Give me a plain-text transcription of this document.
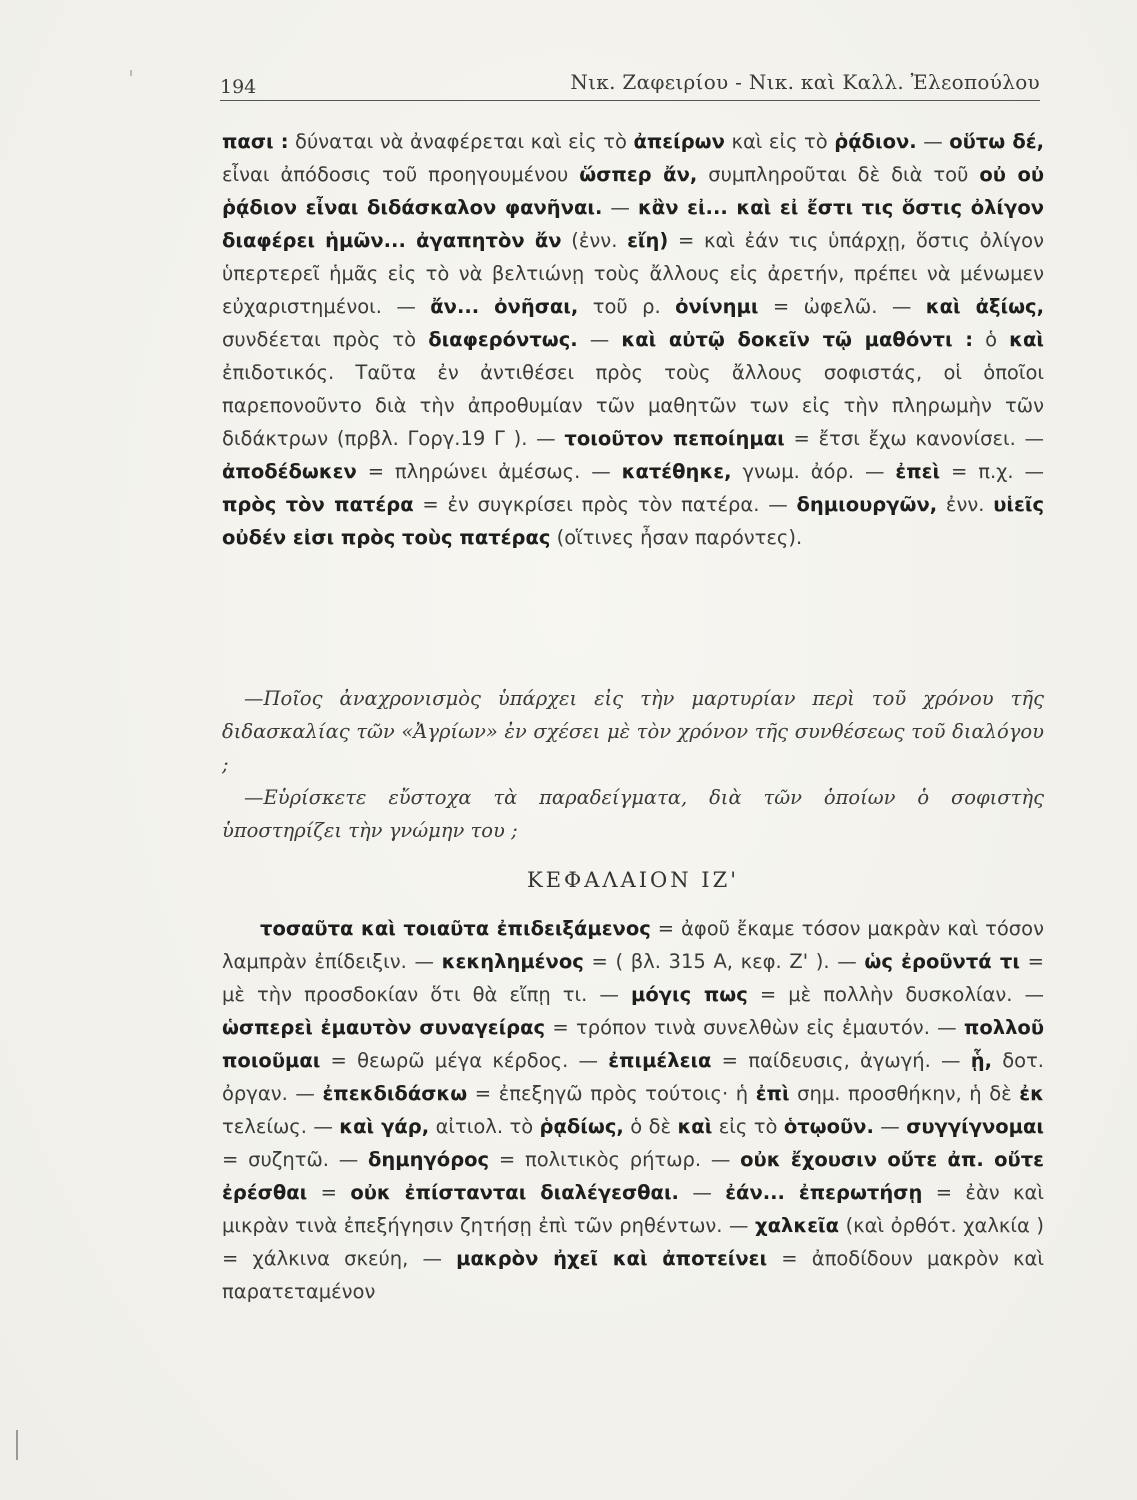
194	Νικ. Ζαφειρίου - Νικ. καὶ Καλλ. Ἐλεοπούλου

πασι : δύναται νὰ ἀναφέρεται καὶ εἰς τὸ ἀπείρων καὶ εἰς τὸ ῥᾴδιον. — οὕτω δέ, εἶναι ἀπόδοσις τοῦ προηγουμένου ὥσπερ ἄν, συμπληροῦται δὲ διὰ τοῦ οὐ οὐ ῥᾴδιον εἶναι διδάσκαλον φανῆναι. — κἂν εἰ... καὶ εἰ ἔστι τις ὅστις ὀλίγον διαφέρει ἡμῶν... ἀγαπητὸν ἄν (ἐνν. εἴη) = καὶ ἐάν τις ὑπάρχῃ, ὅστις ὀλίγον ὑπερτερεῖ ἡμᾶς εἰς τὸ νὰ βελτιώνῃ τοὺς ἄλλους εἰς ἀρετήν, πρέπει νὰ μένωμεν εὐχαριστημένοι. — ἄν... ὀνῆσαι, τοῦ ρ. ὀνίνημι = ὠφελῶ. — καὶ ἀξίως, συνδέεται πρὸς τὸ διαφερόντως. — καὶ αὐτῷ δοκεῖν τῷ μαθόντι : ὁ καὶ ἐπιδοτικός. Ταῦτα ἐν ἀντιθέσει πρὸς τοὺς ἄλλους σοφιστάς, οἱ ὁποῖοι παρεπονοῦντο διὰ τὴν ἀπροθυμίαν τῶν μαθητῶν των εἰς τὴν πληρωμὴν τῶν διδάκτρων (πρβλ. Γοργ.19 Γ ). — τοιοῦτον πεποίημαι = ἔτσι ἔχω κανονίσει. — ἀποδέδωκεν = πληρώνει ἀμέσως. — κατέθηκε, γνωμ. ἀόρ. — ἐπεὶ = π.χ. — πρὸς τὸν πατέρα = ἐν συγκρίσει πρὸς τὸν πατέρα. — δημιουργῶν, ἐνν. υἱεῖς οὐδέν εἰσι πρὸς τοὺς πατέρας (οἵτινες ἦσαν παρόντες).

—Ποῖος ἀναχρονισμὸς ὑπάρχει εἰς τὴν μαρτυρίαν περὶ τοῦ χρόνου τῆς διδασκαλίας τῶν «Ἀγρίων» ἐν σχέσει μὲ τὸν χρόνον τῆς συνθέσεως τοῦ διαλόγου ;

—Εὑρίσκετε εὔστοχα τὰ παραδείγματα, διὰ τῶν ὁποίων ὁ σοφιστὴς ὑποστηρίζει τὴν γνώμην του ;

ΚΕΦΑΛΑΙΟΝ ΙΖ'

τοσαῦτα καὶ τοιαῦτα ἐπιδειξάμενος = ἀφοῦ ἔκαμε τόσον μακρὰν καὶ τόσον λαμπρὰν ἐπίδειξιν. — κεκηλημένος = ( βλ. 315 Α, κεφ. Ζ' ). — ὡς ἐροῦντά τι = μὲ τὴν προσδοκίαν ὅτι θὰ εἴπῃ τι. — μόγις πως = μὲ πολλὴν δυσκολίαν. — ὡσπερεὶ ἐμαυτὸν συναγείρας = τρόπον τινὰ συνελθὼν εἰς ἐμαυτόν. — πολλοῦ ποιοῦμαι = θεωρῶ μέγα κέρδος. — ἐπιμέλεια = παίδευσις, ἀγωγή. — ᾗ, δοτ. ὀργαν. — ἐπεκδιδάσκω = ἐπεξηγῶ πρὸς τούτοις· ἡ ἐπὶ σημ. προσθήκην, ἡ δὲ ἐκ τελείως. — καὶ γάρ, αἰτιολ. τὸ ῥᾳδίως, ὁ δὲ καὶ εἰς τὸ ὁτῳοῦν. — συγγίγνομαι = συζητῶ. — δημηγόρος = πολιτικὸς ρήτωρ. — οὐκ ἔχουσιν οὔτε ἀπ. οὔτε ἐρέσθαι = οὐκ ἐπίστανται διαλέγεσθαι. — ἐάν... ἐπερωτήσῃ = ἐὰν καὶ μικρὰν τινὰ ἐπεξήγησιν ζητήσῃ ἐπὶ τῶν ρηθέντων. — χαλκεῖα (καὶ ὀρθότ. χαλκία ) = χάλκινα σκεύη, — μακρὸν ἠχεῖ καὶ ἀποτείνει = ἀποδίδουν μακρὸν καὶ παρατεταμένον
